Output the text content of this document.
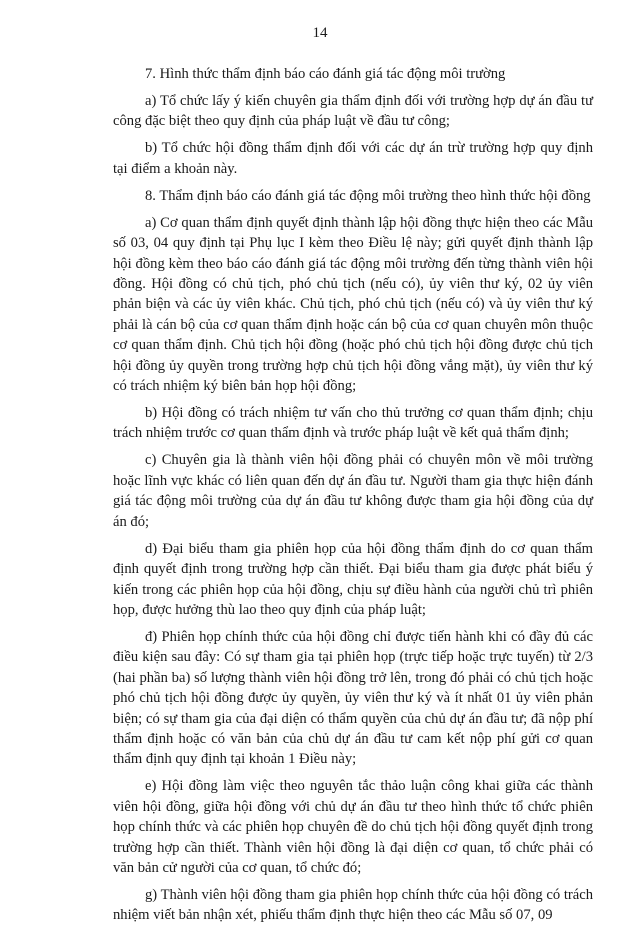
14

7. Hình thức thẩm định báo cáo đánh giá tác động môi trường

a) Tổ chức lấy ý kiến chuyên gia thẩm định đối với trường hợp dự án đầu tư công đặc biệt theo quy định của pháp luật về đầu tư công;

b) Tổ chức hội đồng thẩm định đối với các dự án trừ trường hợp quy định tại điểm a khoản này.

8. Thẩm định báo cáo đánh giá tác động môi trường theo hình thức hội đồng

a) Cơ quan thẩm định quyết định thành lập hội đồng thực hiện theo các Mẫu số 03, 04 quy định tại Phụ lục I kèm theo Điều lệ này; gửi quyết định thành lập hội đồng kèm theo báo cáo đánh giá tác động môi trường đến từng thành viên hội đồng. Hội đồng có chủ tịch, phó chủ tịch (nếu có), ủy viên thư ký, 02 ủy viên phản biện và các ủy viên khác. Chủ tịch, phó chủ tịch (nếu có) và ủy viên thư ký phải là cán bộ của cơ quan thẩm định hoặc cán bộ của cơ quan chuyên môn thuộc cơ quan thẩm định. Chủ tịch hội đồng (hoặc phó chủ tịch hội đồng được chủ tịch hội đồng ủy quyền trong trường hợp chủ tịch hội đồng vắng mặt), ủy viên thư ký có trách nhiệm ký biên bản họp hội đồng;

b) Hội đồng có trách nhiệm tư vấn cho thủ trưởng cơ quan thẩm định; chịu trách nhiệm trước cơ quan thẩm định và trước pháp luật về kết quả thẩm định;

c) Chuyên gia là thành viên hội đồng phải có chuyên môn về môi trường hoặc lĩnh vực khác có liên quan đến dự án đầu tư. Người tham gia thực hiện đánh giá tác động môi trường của dự án đầu tư không được tham gia hội đồng của dự án đó;

d) Đại biểu tham gia phiên họp của hội đồng thẩm định do cơ quan thẩm định quyết định trong trường hợp cần thiết. Đại biểu tham gia được phát biểu ý kiến trong các phiên họp của hội đồng, chịu sự điều hành của người chủ trì phiên họp, được hưởng thù lao theo quy định của pháp luật;

đ) Phiên họp chính thức của hội đồng chỉ được tiến hành khi có đầy đủ các điều kiện sau đây: Có sự tham gia tại phiên họp (trực tiếp hoặc trực tuyến) từ 2/3 (hai phần ba) số lượng thành viên hội đồng trở lên, trong đó phải có chủ tịch hoặc phó chủ tịch hội đồng được ủy quyền, ủy viên thư ký và ít nhất 01 ủy viên phản biện; có sự tham gia của đại diện có thẩm quyền của chủ dự án đầu tư; đã nộp phí thẩm định hoặc có văn bản của chủ dự án đầu tư cam kết nộp phí gửi cơ quan thẩm định quy định tại khoản 1 Điều này;

e) Hội đồng làm việc theo nguyên tắc thảo luận công khai giữa các thành viên hội đồng, giữa hội đồng với chủ dự án đầu tư theo hình thức tổ chức phiên họp chính thức và các phiên họp chuyên đề do chủ tịch hội đồng quyết định trong trường hợp cần thiết. Thành viên hội đồng là đại diện cơ quan, tổ chức phải có văn bản cử người của cơ quan, tổ chức đó;

g) Thành viên hội đồng tham gia phiên họp chính thức của hội đồng có trách nhiệm viết bản nhận xét, phiếu thẩm định thực hiện theo các Mẫu số 07, 09
